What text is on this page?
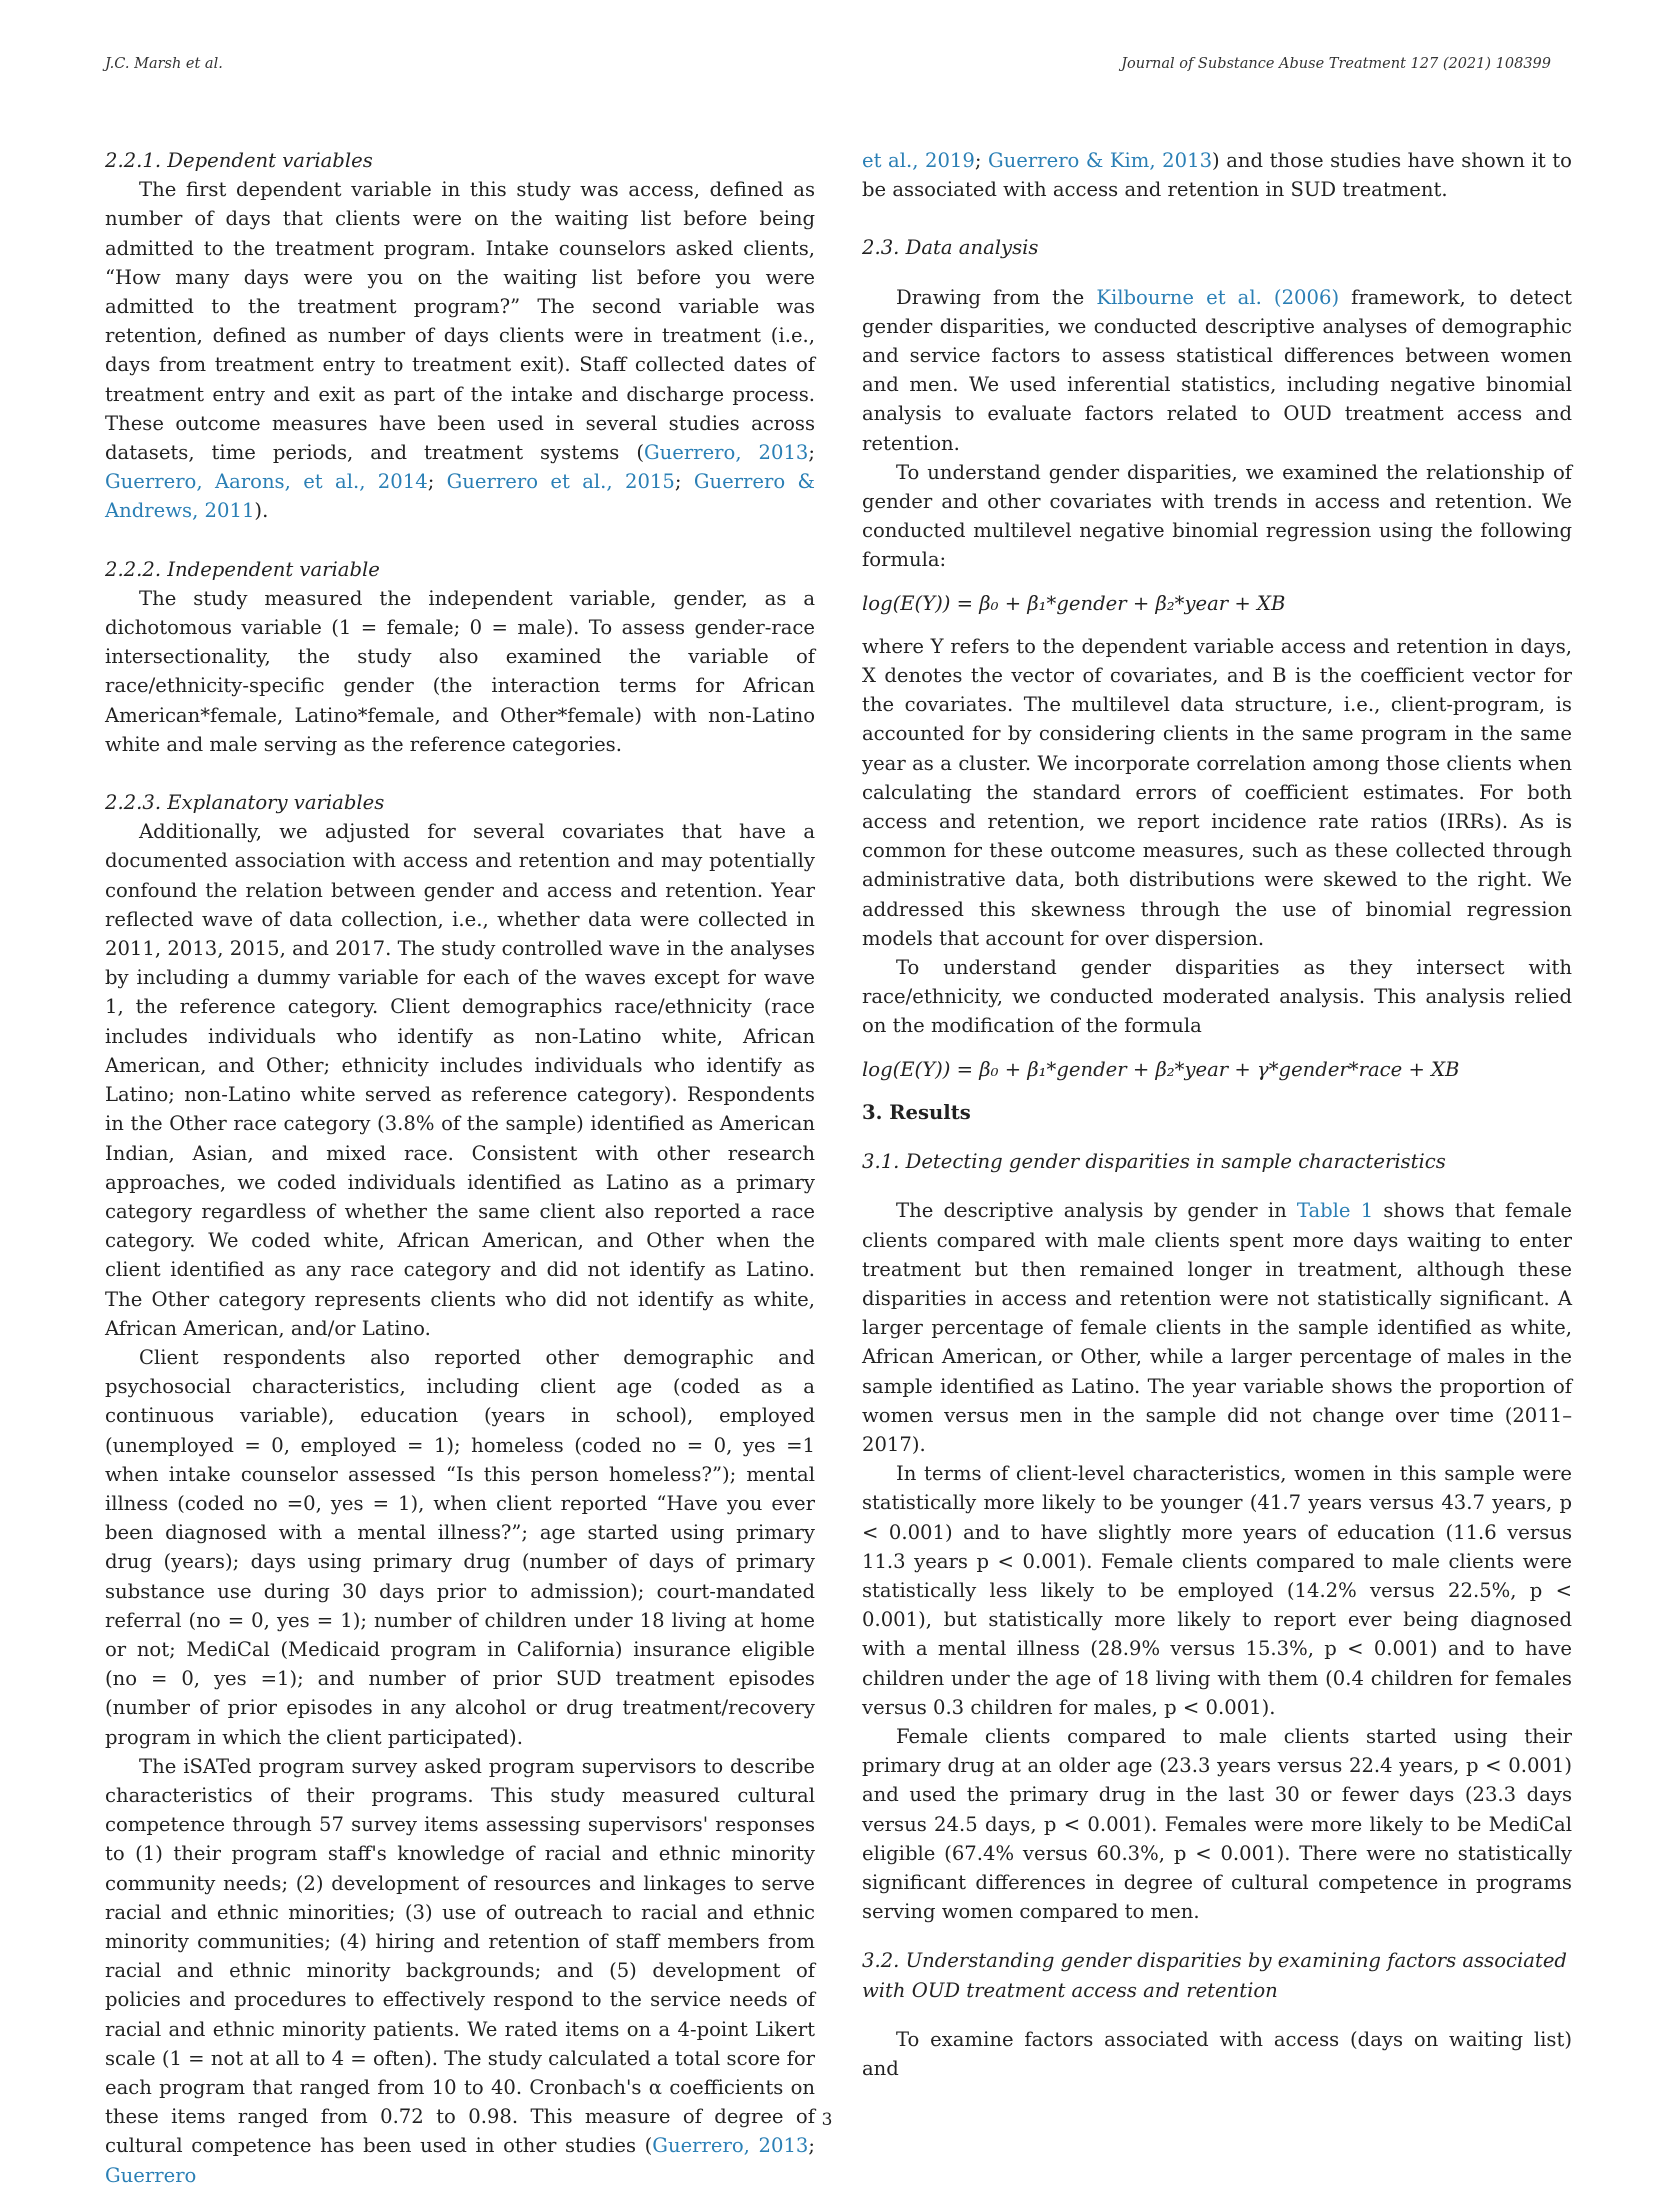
J.C. Marsh et al.	Journal of Substance Abuse Treatment 127 (2021) 108399
2.2.1. Dependent variables

The first dependent variable in this study was access, defined as number of days that clients were on the waiting list before being admitted to the treatment program. Intake counselors asked clients, “How many days were you on the waiting list before you were admitted to the treatment program?” The second variable was retention, defined as number of days clients were in treatment (i.e., days from treatment entry to treatment exit). Staff collected dates of treatment entry and exit as part of the intake and discharge process. These outcome measures have been used in several studies across datasets, time periods, and treatment systems (Guerrero, 2013; Guerrero, Aarons, et al., 2014; Guerrero et al., 2015; Guerrero & Andrews, 2011).

2.2.2. Independent variable

The study measured the independent variable, gender, as a dichotomous variable (1 = female; 0 = male). To assess gender-race intersectionality, the study also examined the variable of race/ethnicity-specific gender (the interaction terms for African American*female, Latino*female, and Other*female) with non-Latino white and male serving as the reference categories.

2.2.3. Explanatory variables

Additionally, we adjusted for several covariates that have a documented association with access and retention and may potentially confound the relation between gender and access and retention. Year reflected wave of data collection, i.e., whether data were collected in 2011, 2013, 2015, and 2017. The study controlled wave in the analyses by including a dummy variable for each of the waves except for wave 1, the reference category. Client demographics race/ethnicity (race includes individuals who identify as non-Latino white, African American, and Other; ethnicity includes individuals who identify as Latino; non-Latino white served as reference category). Respondents in the Other race category (3.8% of the sample) identified as American Indian, Asian, and mixed race. Consistent with other research approaches, we coded individuals identified as Latino as a primary category regardless of whether the same client also reported a race category. We coded white, African American, and Other when the client identified as any race category and did not identify as Latino. The Other category represents clients who did not identify as white, African American, and/or Latino.

Client respondents also reported other demographic and psychosocial characteristics, including client age (coded as a continuous variable), education (years in school), employed (unemployed = 0, employed = 1); homeless (coded no = 0, yes =1 when intake counselor assessed “Is this person homeless?”); mental illness (coded no =0, yes = 1), when client reported “Have you ever been diagnosed with a mental illness?”; age started using primary drug (years); days using primary drug (number of days of primary substance use during 30 days prior to admission); court-mandated referral (no = 0, yes = 1); number of children under 18 living at home or not; MediCal (Medicaid program in California) insurance eligible (no = 0, yes =1); and number of prior SUD treatment episodes (number of prior episodes in any alcohol or drug treatment/recovery program in which the client participated).

The iSATed program survey asked program supervisors to describe characteristics of their programs. This study measured cultural competence through 57 survey items assessing supervisors' responses to (1) their program staff's knowledge of racial and ethnic minority community needs; (2) development of resources and linkages to serve racial and ethnic minorities; (3) use of outreach to racial and ethnic minority communities; (4) hiring and retention of staff members from racial and ethnic minority backgrounds; and (5) development of policies and procedures to effectively respond to the service needs of racial and ethnic minority patients. We rated items on a 4-point Likert scale (1 = not at all to 4 = often). The study calculated a total score for each program that ranged from 10 to 40. Cronbach's α coefficients on these items ranged from 0.72 to 0.98. This measure of degree of cultural competence has been used in other studies (Guerrero, 2013; Guerrero

et al., 2019; Guerrero & Kim, 2013) and those studies have shown it to be associated with access and retention in SUD treatment.

2.3. Data analysis

Drawing from the Kilbourne et al. (2006) framework, to detect gender disparities, we conducted descriptive analyses of demographic and service factors to assess statistical differences between women and men. We used inferential statistics, including negative binomial analysis to evaluate factors related to OUD treatment access and retention.

To understand gender disparities, we examined the relationship of gender and other covariates with trends in access and retention. We conducted multilevel negative binomial regression using the following formula:

log(E(Y)) = β₀ + β₁*gender + β₂*year + XB

where Y refers to the dependent variable access and retention in days, X denotes the vector of covariates, and B is the coefficient vector for the covariates. The multilevel data structure, i.e., client-program, is accounted for by considering clients in the same program in the same year as a cluster. We incorporate correlation among those clients when calculating the standard errors of coefficient estimates. For both access and retention, we report incidence rate ratios (IRRs). As is common for these outcome measures, such as these collected through administrative data, both distributions were skewed to the right. We addressed this skewness through the use of binomial regression models that account for over dispersion.

To understand gender disparities as they intersect with race/ethnicity, we conducted moderated analysis. This analysis relied on the modification of the formula

log(E(Y)) = β₀ + β₁*gender + β₂*year + γ*gender*race + XB
3. Results
3.1. Detecting gender disparities in sample characteristics

The descriptive analysis by gender in Table 1 shows that female clients compared with male clients spent more days waiting to enter treatment but then remained longer in treatment, although these disparities in access and retention were not statistically significant. A larger percentage of female clients in the sample identified as white, African American, or Other, while a larger percentage of males in the sample identified as Latino. The year variable shows the proportion of women versus men in the sample did not change over time (2011–2017).

In terms of client-level characteristics, women in this sample were statistically more likely to be younger (41.7 years versus 43.7 years, p < 0.001) and to have slightly more years of education (11.6 versus 11.3 years p < 0.001). Female clients compared to male clients were statistically less likely to be employed (14.2% versus 22.5%, p < 0.001), but statistically more likely to report ever being diagnosed with a mental illness (28.9% versus 15.3%, p < 0.001) and to have children under the age of 18 living with them (0.4 children for females versus 0.3 children for males, p < 0.001).

Female clients compared to male clients started using their primary drug at an older age (23.3 years versus 22.4 years, p < 0.001) and used the primary drug in the last 30 or fewer days (23.3 days versus 24.5 days, p < 0.001). Females were more likely to be MediCal eligible (67.4% versus 60.3%, p < 0.001). There were no statistically significant differences in degree of cultural competence in programs serving women compared to men.

3.2. Understanding gender disparities by examining factors associated with OUD treatment access and retention

To examine factors associated with access (days on waiting list) and

3
